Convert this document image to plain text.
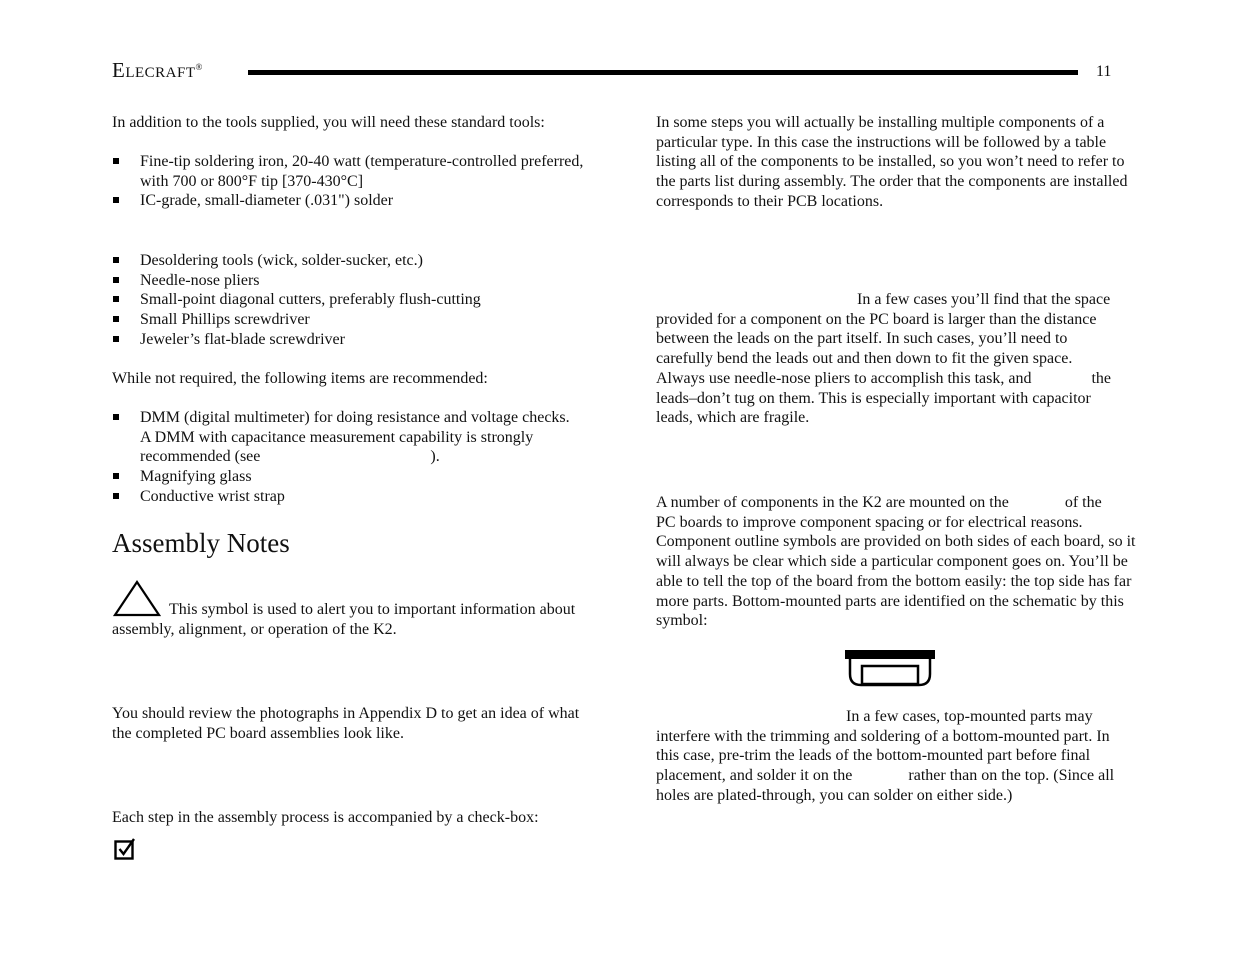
ELECRAFT®	11

In addition to the tools supplied, you will need these standard tools:

Fine-tip soldering iron, 20-40 watt (temperature-controlled preferred, with 700 or 800°F tip [370-430°C]
IC-grade, small-diameter (.031") solder
Desoldering tools (wick, solder-sucker, etc.)
Needle-nose pliers
Small-point diagonal cutters, preferably flush-cutting
Small Phillips screwdriver
Jeweler’s flat-blade screwdriver

While not required, the following items are recommended:

DMM (digital multimeter) for doing resistance and voltage checks. A DMM with capacitance measurement capability is strongly recommended (see	).
Magnifying glass
Conductive wrist strap
Assembly Notes

This symbol is used to alert you to important information about assembly, alignment, or operation of the K2.

You should review the photographs in Appendix D to get an idea of what the completed PC board assemblies look like.

Each step in the assembly process is accompanied by a check-box:

In some steps you will actually be installing multiple components of a particular type. In this case the instructions will be followed by a table listing all of the components to be installed, so you won’t need to refer to the parts list during assembly. The order that the components are installed corresponds to their PCB locations.

In a few cases you’ll find that the space

provided for a component on the PC board is larger than the distance

between the leads on the part itself. In such cases, you’ll need to

carefully bend the leads out and then down to fit the given space.

Always use needle-nose pliers to accomplish this task, and	the

leads–don’t tug on them. This is especially important with capacitor

leads, which are fragile.

A number of components in the K2 are mounted on the	of the

PC boards to improve component spacing or for electrical reasons. Component outline symbols are provided on both sides of each board, so it will always be clear which side a particular component goes on. You’ll be able to tell the top of the board from the bottom easily: the top side has far more parts. Bottom-mounted parts are identified on the schematic by this symbol:

In a few cases, top-mounted parts may

interfere with the trimming and soldering of a bottom-mounted part. In

this case, pre-trim the leads of the bottom-mounted part before final

placement, and solder it on the	rather than on the top. (Since all

holes are plated-through, you can solder on either side.)
